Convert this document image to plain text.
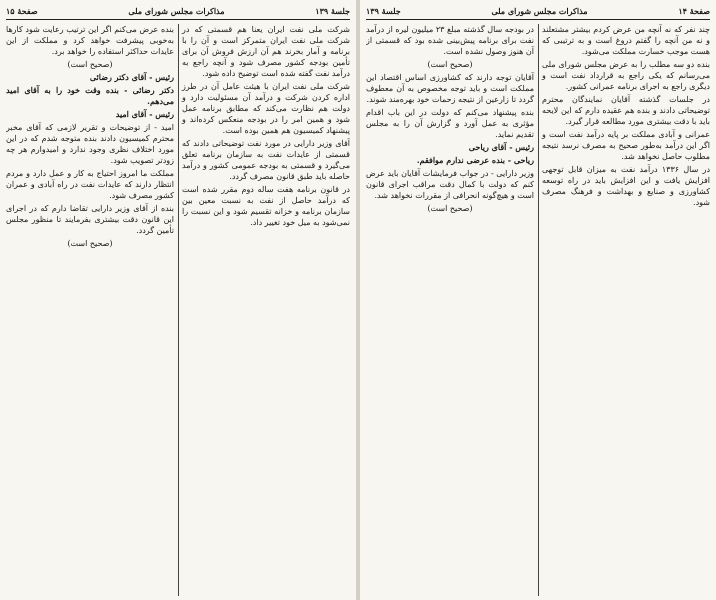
جلسهٔ ۱۳۹
مذاکرات مجلس شورای ملی
صفحهٔ ۱۵

شرکت ملی نفت ایران یعنا هم قسمتی که در شرکت ملی نفت ایران متمرکز است و آن را با برنامه و آمار بخرند هم آن ارزش فروش آن برای تأمین بودجه کشور مصرف شود و آنچه راجع به درآمد نفت گفته شده است توضیح داده شود.

شرکت ملی نفت ایران با هیئت عامل آن در طرز اداره کردن شرکت و درآمد آن مسئولیت دارد و دولت هم نظارت می‌کند که مطابق برنامه عمل شود و همین امر را در بودجه منعکس کرده‌اند و پیشنهاد کمیسیون هم همین بوده است.

آقای وزیر دارایی در مورد نفت توضیحاتی دادند که قسمتی از عایدات نفت به سازمان برنامه تعلق می‌گیرد و قسمتی به بودجه عمومی کشور و درآمد حاصله باید طبق قانون مصرف گردد.

در قانون برنامه هفت ساله دوم مقرر شده است که درآمد حاصل از نفت به نسبت معین بین سازمان برنامه و خزانه تقسیم شود و این نسبت را نمی‌شود به میل خود تغییر داد.

بنده عرض می‌کنم اگر این ترتیب رعایت شود کارها به‌خوبی پیشرفت خواهد کرد و مملکت از این عایدات حداکثر استفاده را خواهد برد.

(صحیح است)

رئیس - آقای دکتر رضائی

دکتر رضائی - بنده وقت خود را به آقای امید می‌دهم.

رئیس - آقای امید

امید - از توضیحات و تقریر لازمی که آقای مخبر محترم کمیسیون دادند بنده متوجه شدم که در این مورد اختلاف نظری وجود ندارد و امیدوارم هر چه زودتر تصویب شود.

مملکت ما امروز احتیاج به کار و عمل دارد و مردم انتظار دارند که عایدات نفت در راه آبادی و عمران کشور مصرف شود.

بنده از آقای وزیر دارایی تقاضا دارم که در اجرای این قانون دقت بیشتری بفرمایند تا منظور مجلس تأمین گردد.

(صحیح است)

صفحهٔ ۱۴
مذاکرات مجلس شورای ملی
جلسهٔ ۱۳۹

چند نفر که نه آنچه من عرض کردم بیشتر مشتعلند و نه من آنچه را گفتم دروغ است و به ترتیبی که هست موجب خسارت مملکت می‌شود.

بنده دو سه مطلب را به عرض مجلس شورای ملی می‌رسانم که یکی راجع به قرارداد نفت است و دیگری راجع به اجرای برنامه عمرانی کشور.

در جلسات گذشته آقایان نمایندگان محترم توضیحاتی دادند و بنده هم عقیده دارم که این لایحه باید با دقت بیشتری مورد مطالعه قرار گیرد.

عمرانی و آبادی مملکت بر پایه درآمد نفت است و اگر این درآمد به‌طور صحیح به مصرف نرسد نتیجه مطلوب حاصل نخواهد شد.

در سال ۱۳۳۶ درآمد نفت به میزان قابل توجهی افزایش یافت و این افزایش باید در راه توسعه کشاورزی و صنایع و بهداشت و فرهنگ مصرف شود.

در بودجه سال گذشته مبلغ ۲۳ میلیون لیره از درآمد نفت برای برنامه پیش‌بینی شده بود که قسمتی از آن هنوز وصول نشده است.

(صحیح است)

آقایان توجه دارند که کشاورزی اساس اقتصاد این مملکت است و باید توجه مخصوص به آن معطوف گردد تا زارعین از نتیجه زحمات خود بهره‌مند شوند.

بنده پیشنهاد می‌کنم که دولت در این باب اقدام مؤثری به عمل آورد و گزارش آن را به مجلس تقدیم نماید.

رئیس - آقای ریاحی

ریاحی - بنده عرضی ندارم موافقم.

وزیر دارایی - در جواب فرمایشات آقایان باید عرض کنم که دولت با کمال دقت مراقب اجرای قانون است و هیچ‌گونه انحرافی از مقررات نخواهد شد.

(صحیح است)
